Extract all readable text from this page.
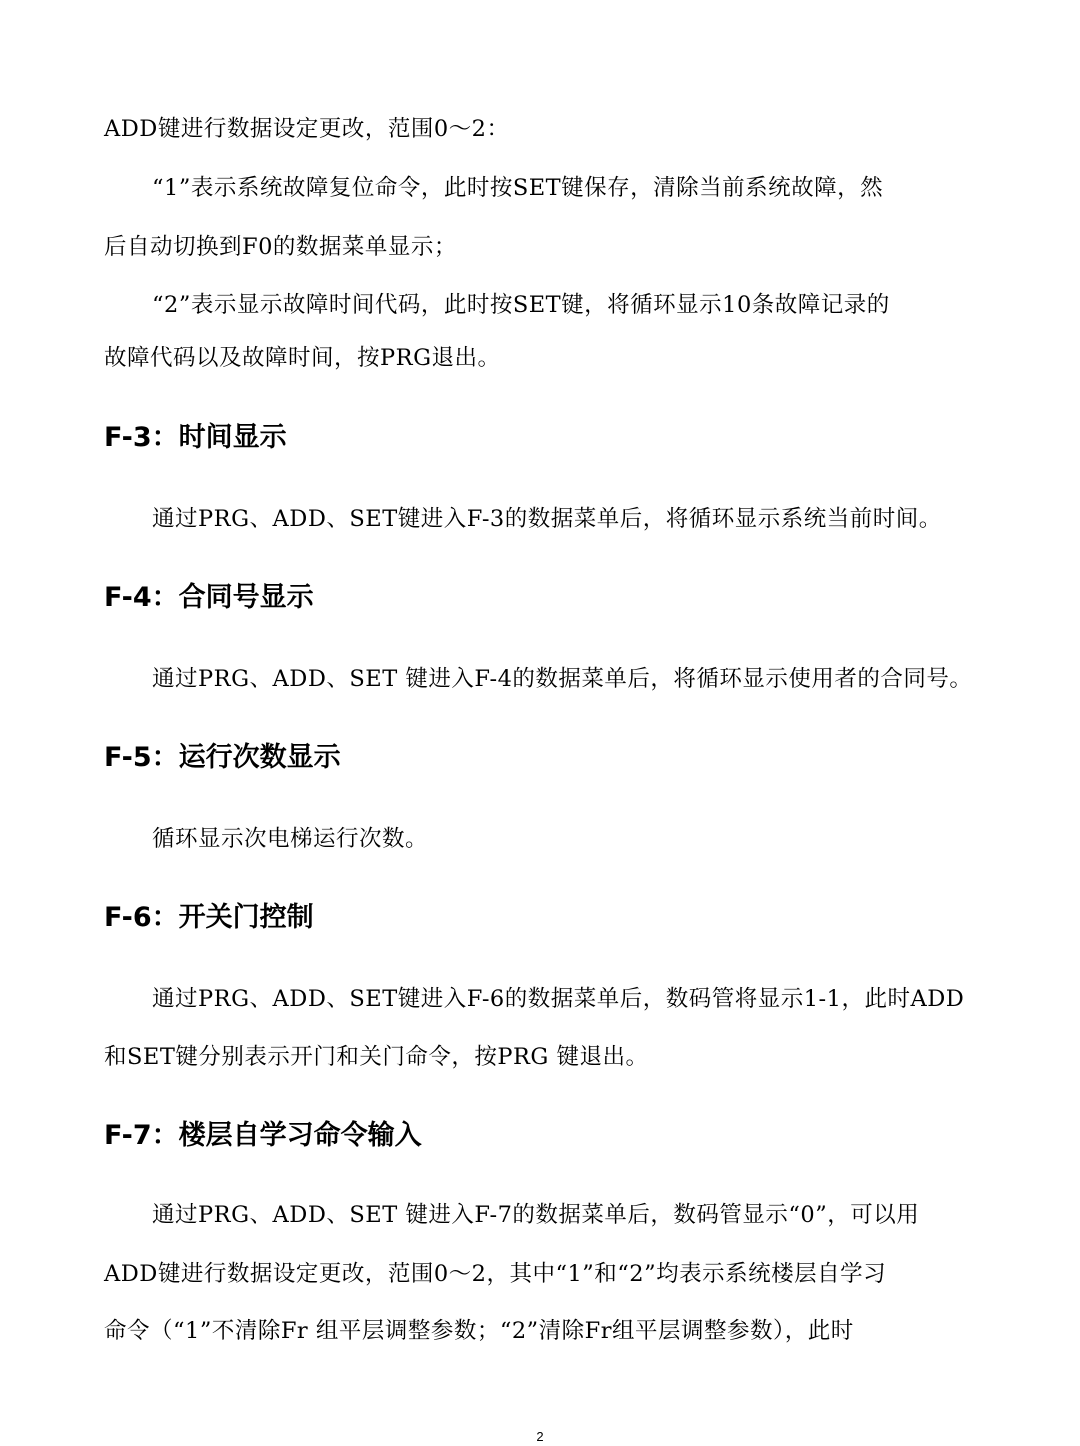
ADD键进行数据设定更改，范围0～2：
“1”表示系统故障复位命令，此时按SET键保存，清除当前系统故障，然
后自动切换到F0的数据菜单显示；
“2”表示显示故障时间代码，此时按SET键，将循环显示10条故障记录的
故障代码以及故障时间，按PRG退出。
F-3：时间显示
通过PRG、ADD、SET键进入F-3的数据菜单后，将循环显示系统当前时间。
F-4：合同号显示
通过PRG、ADD、SET 键进入F-4的数据菜单后，将循环显示使用者的合同号。
F-5：运行次数显示
循环显示次电梯运行次数。
F-6：开关门控制
通过PRG、ADD、SET键进入F-6的数据菜单后，数码管将显示1-1，此时ADD
和SET键分别表示开门和关门命令，按PRG 键退出。
F-7：楼层自学习命令输入
通过PRG、ADD、SET 键进入F-7的数据菜单后，数码管显示“0”，可以用
ADD键进行数据设定更改，范围0～2，其中“1”和“2”均表示系统楼层自学习
命令（“1”不清除Fr 组平层调整参数；“2”清除Fr组平层调整参数），此时
2
